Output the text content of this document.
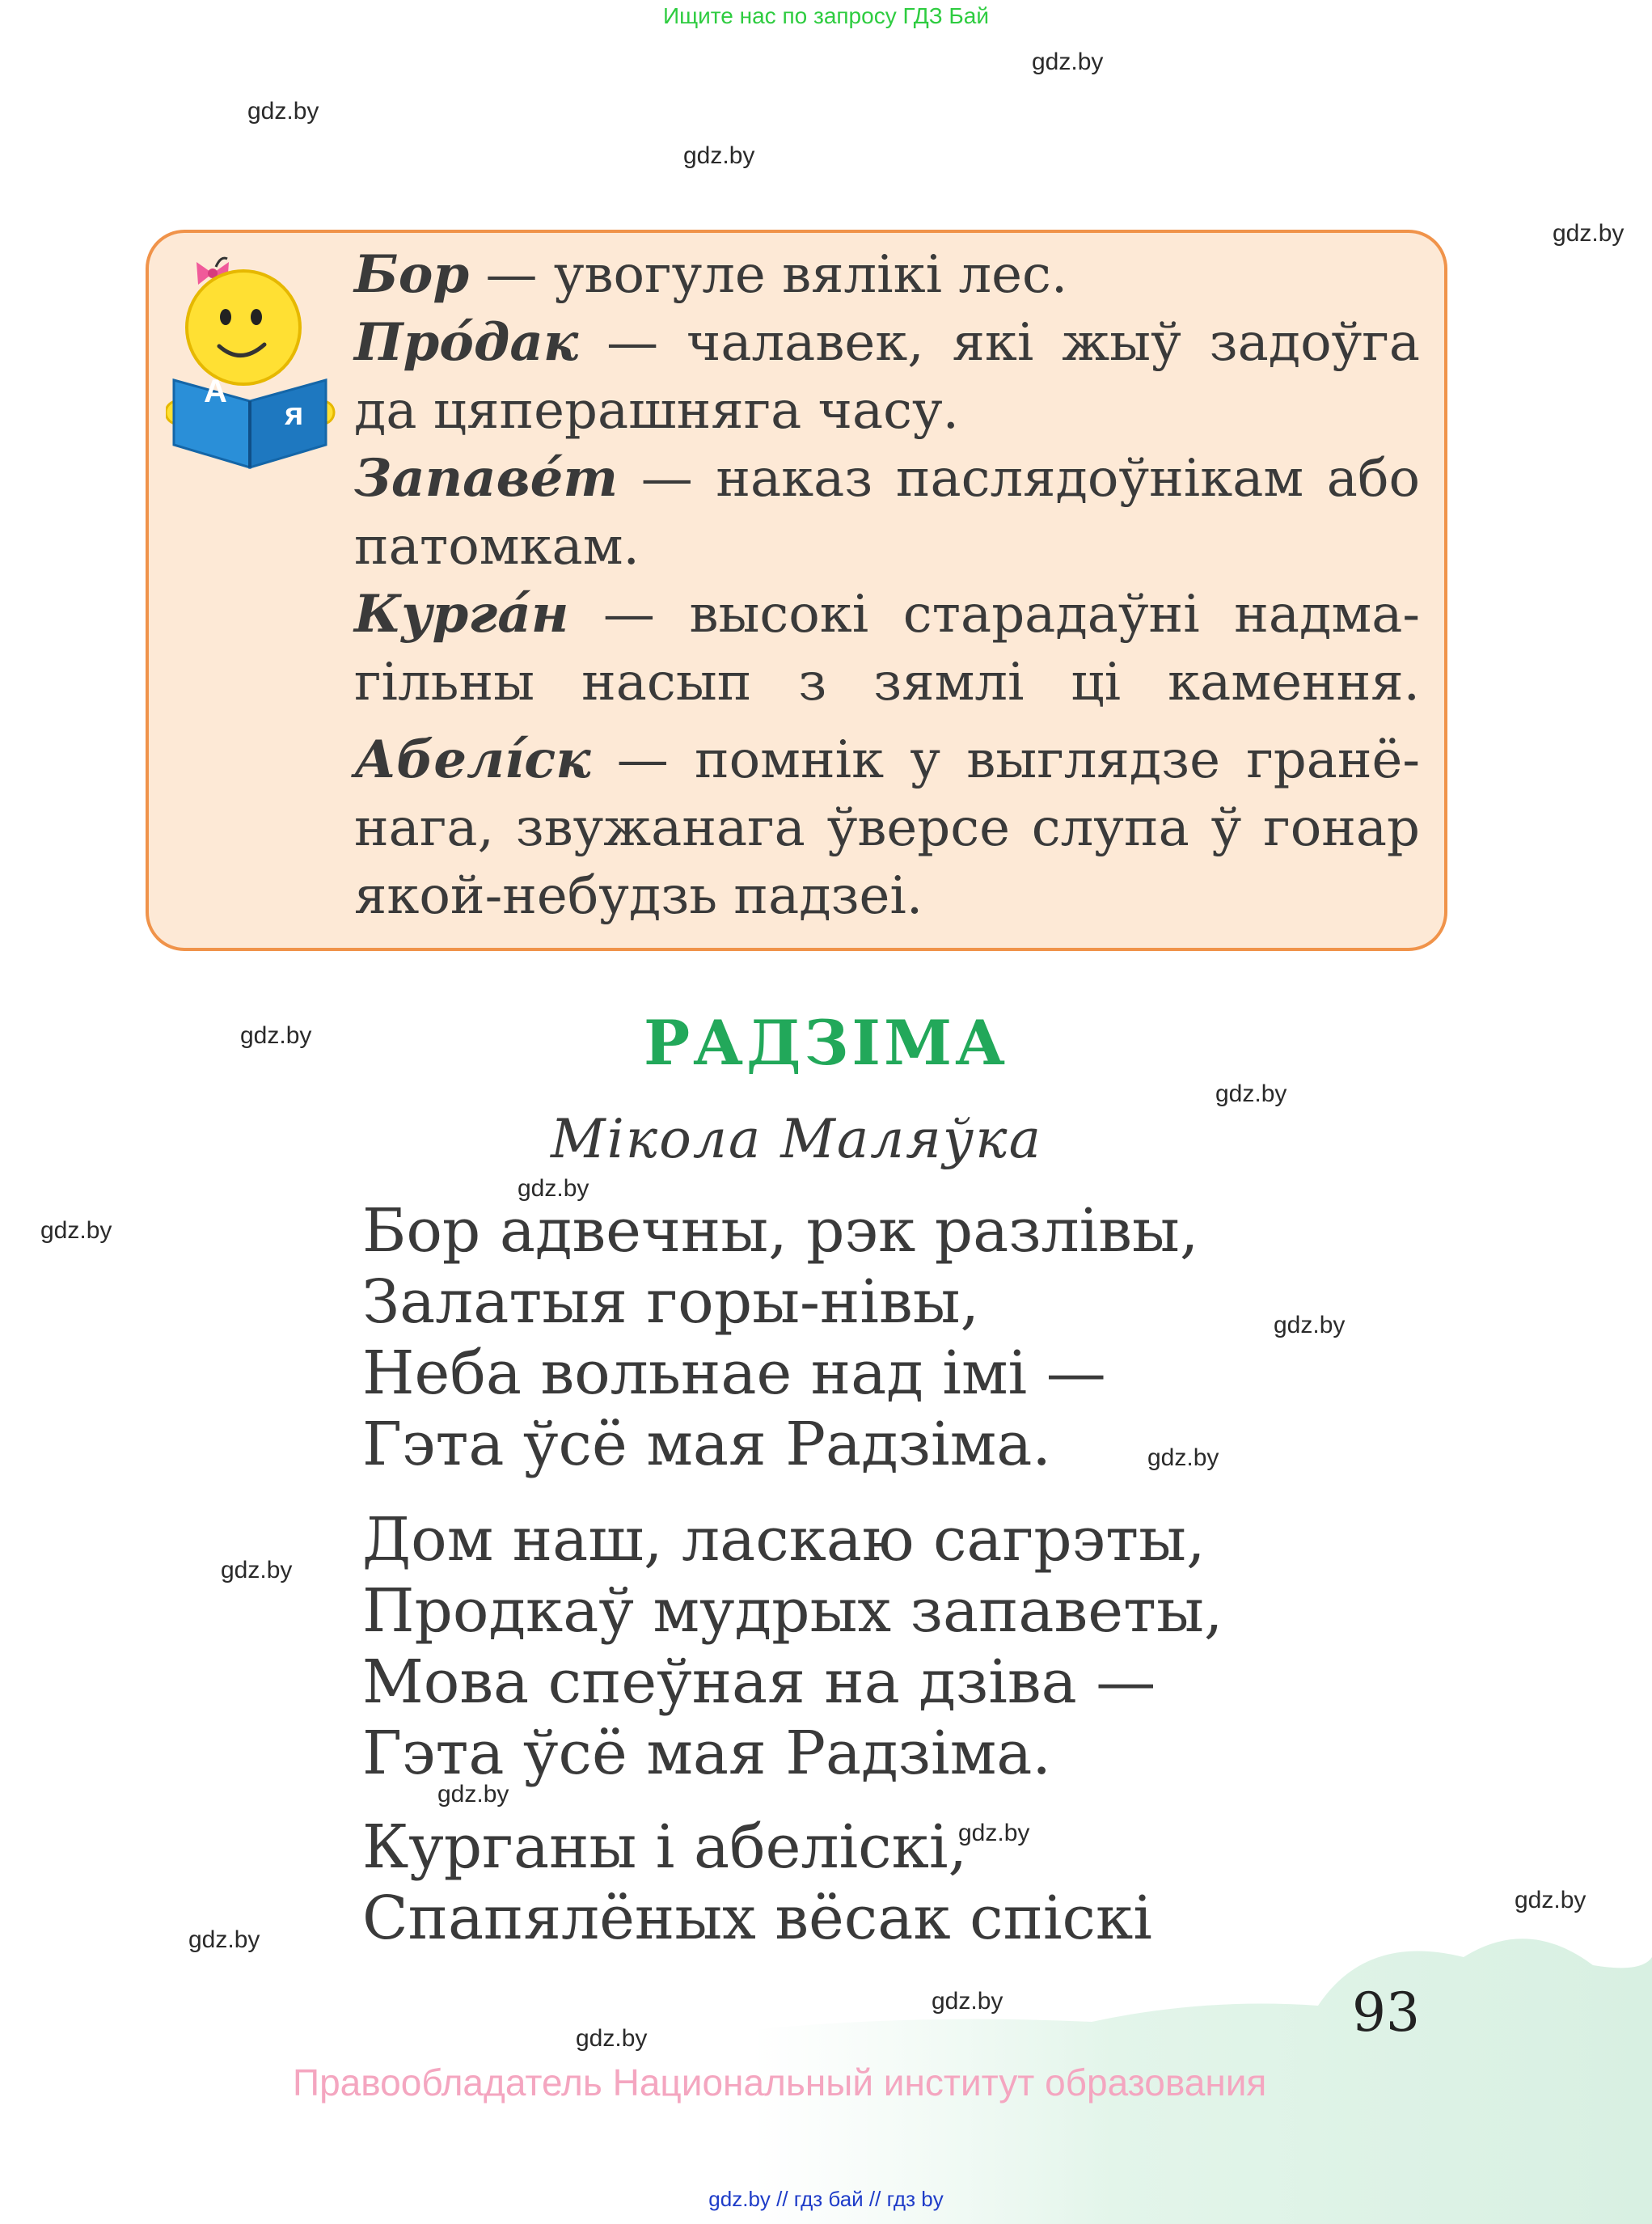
Ищите нас по запросу ГДЗ Бай
gdz.by
gdz.by
gdz.by
gdz.by
gdz.by
gdz.by
gdz.by
gdz.by
gdz.by
gdz.by
gdz.by
gdz.by
gdz.by
gdz.by
gdz.by
gdz.by
gdz.by
А
я
Бор — увогуле вялікі лес.
Про́дак — чалавек, які жыў задоўга
да цяперашняга часу.
Запаве́т — наказ паслядоўнікам або
патомкам.
Курга́н — высокі старадаўні надма-
гільны насып з зямлі ці камення.
Абелі́ск — помнік у выглядзе гранё-
нага, звужанага ўверсе слупа ў гонар
якой-небудзь падзеі.
РАДЗІМА
Мікола Маляўка
Бор адвечны, рэк разлівы,
Залатыя горы-нівы,
Неба вольнае над імі —
Гэта ўсё мая Радзіма.
Дом наш, ласкаю сагрэты,
Продкаў мудрых запаветы,
Мова спеўная на дзіва —
Гэта ўсё мая Радзіма.
Курганы і абеліскі,
Спапялёных вёсак спіскі
93
Правообладатель Национальный институт образования
gdz.by // гдз бай // гдз by
